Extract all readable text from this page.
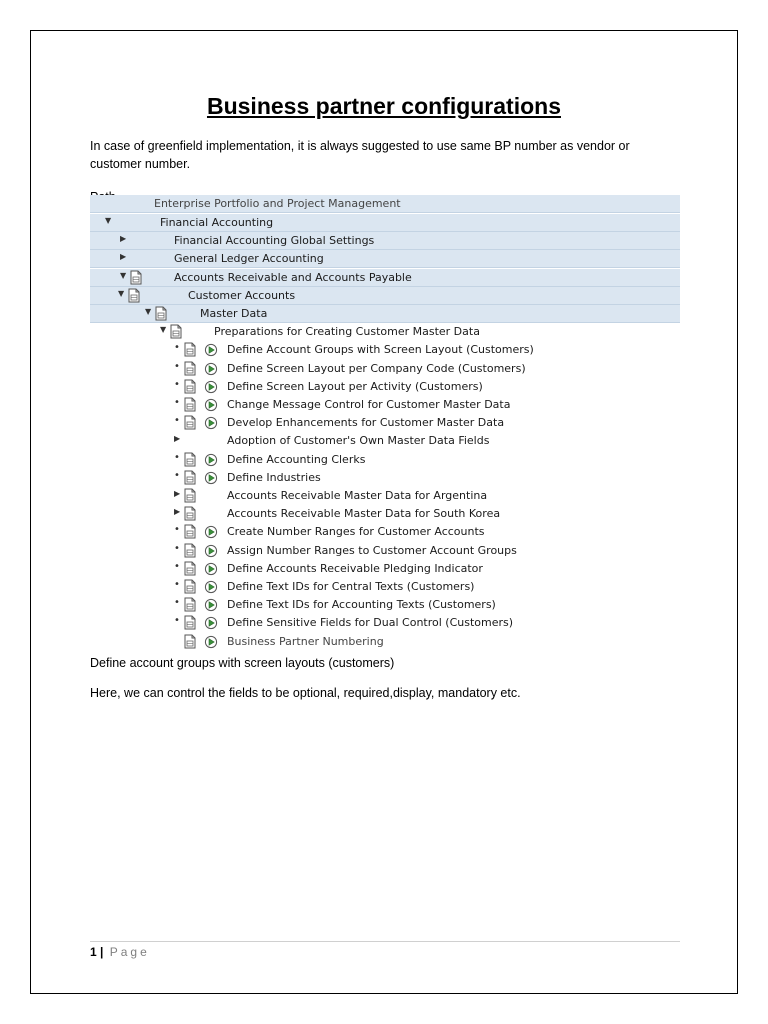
Business partner configurations
In case of greenfield implementation, it is always suggested to use same BP number as vendor or customer number.
Enterprise Portfolio and Project Management
▼	Financial Accounting
▶	Financial Accounting Global Settings
▶	General Ledger Accounting
▼	Accounts Receivable and Accounts Payable
▼	Customer Accounts
▼	Master Data
▼	Preparations for Creating Customer Master Data
•	Define Account Groups with Screen Layout (Customers)
•	Define Screen Layout per Company Code (Customers)
•	Define Screen Layout per Activity (Customers)
•	Change Message Control for Customer Master Data
•	Develop Enhancements for Customer Master Data
▶	Adoption of Customer's Own Master Data Fields
•	Define Accounting Clerks
•	Define Industries
▶	Accounts Receivable Master Data for Argentina
▶	Accounts Receivable Master Data for South Korea
•	Create Number Ranges for Customer Accounts
•	Assign Number Ranges to Customer Account Groups
•	Define Accounts Receivable Pledging Indicator
•	Define Text IDs for Central Texts (Customers)
•	Define Text IDs for Accounting Texts (Customers)
•	Define Sensitive Fields for Dual Control (Customers)
Business Partner Numbering
Define account groups with screen layouts (customers)
Here, we can control the fields to be optional, required,display, mandatory etc.
1 | Page
